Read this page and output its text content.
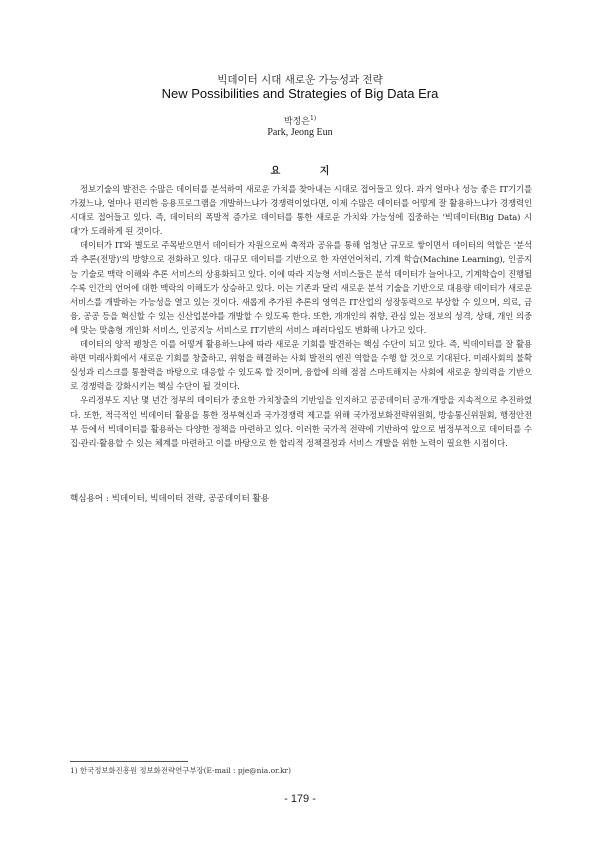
빅데이터 시대 새로운 가능성과 전략
New Possibilities and Strategies of Big Data Era
박정은$^{1)}$
Park, Jeong Eun
요 지

정보기술의 발전은 수많은 데이터를 분석하여 새로운 가치를 찾아내는 시대로 접어들고 있다. 과거 얼마나 성능 좋은 IT기기를 가졌느냐, 얼마나 편리한 응용프로그램을 개발하느냐가 경쟁력이었다면, 이제 수많은 데이터를 어떻게 잘 활용하느냐가 경쟁력인 시대로 접어들고 있다. 즉, 데이터의 폭발적 증가로 데이터를 통한 새로운 가치와 가능성에 집중하는 '빅데이터(Big Data) 시대'가 도래하게 된 것이다.

데이터가 IT와 별도로 주목받으면서 데이터가 자원으로써 축적과 공유를 통해 엄청난 규모로 쌓이면서 데이터의 역할은 '분석과 추론(전망)'의 방향으로 전화하고 있다. 대규모 데이터를 기반으로 한 자연언어처리, 기계 학습(Machine Learning), 인공지능 기술로 맥락 이해와 추론 서비스의 상용화되고 있다. 이에 따라 지능형 서비스들은 분석 데이터가 늘어나고, 기계학습이 진행될수록 인간의 언어에 대한 맥락의 이해도가 상승하고 있다. 이는 기존과 달리 새로운 분석 기술을 기반으로 대용량 데이터가 새로운 서비스를 개발하는 가능성을 열고 있는 것이다. 새롭게 추가된 추론의 영역은 IT산업의 성장동력으로 부상할 수 있으며, 의료, 금융, 공공 등을 혁신할 수 있는 신산업분야를 개발할 수 있도록 한다. 또한, 개개인의 취향, 관심 있는 정보의 성격, 상태, 개인 의중에 맞는 맞춤형 개인화 서비스, 인공지능 서비스로 IT기반의 서비스 패러다임도 변화해 나가고 있다.

데이터의 양적 팽창은 이를 어떻게 활용하느냐에 따라 새로운 기회를 발견하는 핵심 수단이 되고 있다. 즉, 빅데이터를 잘 활용하면 미래사회에서 새로운 기회를 창출하고, 위험을 해결하는 사회 발전의 엔진 역할을 수행 할 것으로 기대된다. 미래사회의 불확실성과 리스크를 통찰력을 바탕으로 대응할 수 있도록 할 것이며, 융합에 의해 점점 스마트해지는 사회에 새로운 창의력을 기반으로 경쟁력을 강화시키는 핵심 수단이 될 것이다.

우리정부도 지난 몇 년간 정부의 데이터가 중요한 가치창출의 기반임을 인지하고 공공데이터 공개·개방을 지속적으로 추진하였다. 또한, 적극적인 빅데이터 활용을 통한 정부혁신과 국가경쟁력 제고를 위해 국가정보화전략위원회, 방송통신위원회, 행정안전부 등에서 빅데이터를 활용하는 다양한 정책을 마련하고 있다. 이러한 국가적 전략에 기반하여 앞으로 범정부적으로 데이터를 수집·관리·활용할 수 있는 체계를 마련하고 이를 바탕으로 한 합리적 정책결정과 서비스 개발을 위한 노력이 필요한 시점이다.

핵심용어 : 빅데이터, 빅데이터 전략, 공공데이터 활용
1) 한국정보화진흥원 정보화전략연구부장(E-mail : pje@nia.or.kr)
- 179 -
